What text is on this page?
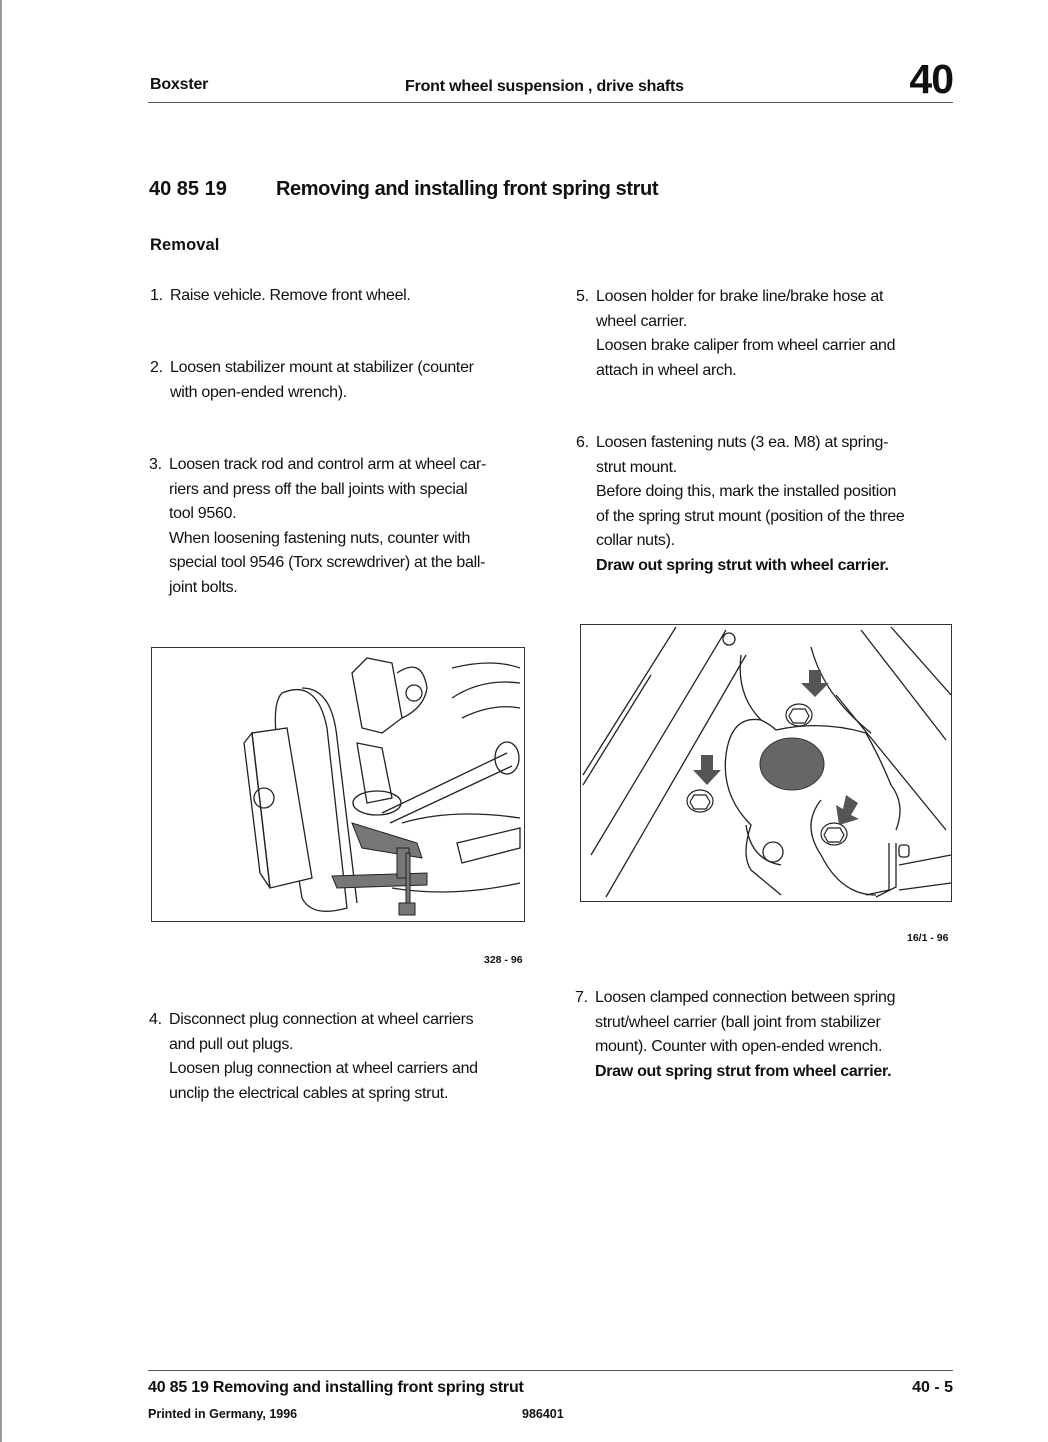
Boxster	Front wheel suspension , drive shafts	40
40 85 19 Removing and installing front spring strut
Removal
1. Raise vehicle. Remove front wheel.
2. Loosen stabilizer mount at stabilizer (counter
with open-ended wrench).
3. Loosen track rod and control arm at wheel car-
riers and press off the ball joints with special
tool 9560.
When loosening fastening nuts, counter with
special tool 9546 (Torx screwdriver) at the ball-
joint bolts.
4. Disconnect plug connection at wheel carriers
and pull out plugs.
Loosen plug connection at wheel carriers and
unclip the electrical cables at spring strut.
5. Loosen holder for brake line/brake hose at
wheel carrier.
Loosen brake caliper from wheel carrier and
attach in wheel arch.
6. Loosen fastening nuts (3 ea. M8) at spring-
strut mount.
Before doing this, mark the installed position
of the spring strut mount (position of the three
collar nuts).
Draw out spring strut with wheel carrier.
7. Loosen clamped connection between spring
strut/wheel carrier (ball joint from stabilizer
mount). Counter with open-ended wrench.
Draw out spring strut from wheel carrier.
328 - 96
16/1 - 96
40 85 19 Removing and installing front spring strut	40 - 5
Printed in Germany, 1996	986401
